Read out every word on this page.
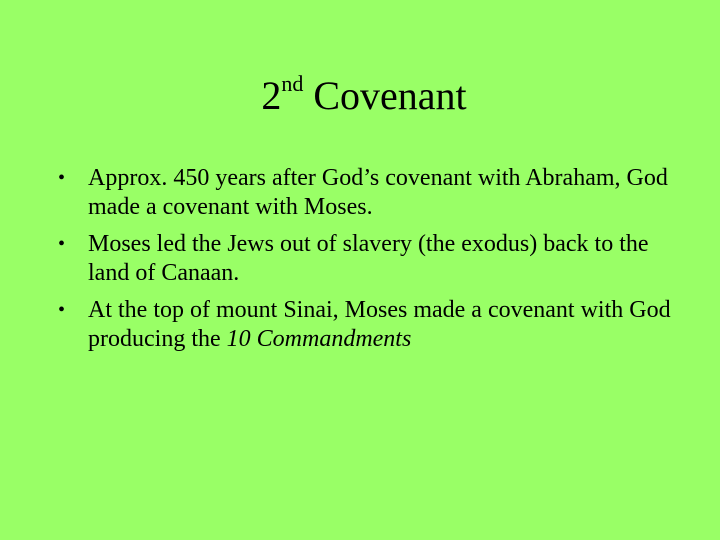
2nd Covenant
• Approx. 450 years after God’s covenant with Abraham, God made a covenant with Moses.
• Moses led the Jews out of slavery (the exodus) back to the land of Canaan.
• At the top of mount Sinai, Moses made a covenant with God producing the 10 Commandments
